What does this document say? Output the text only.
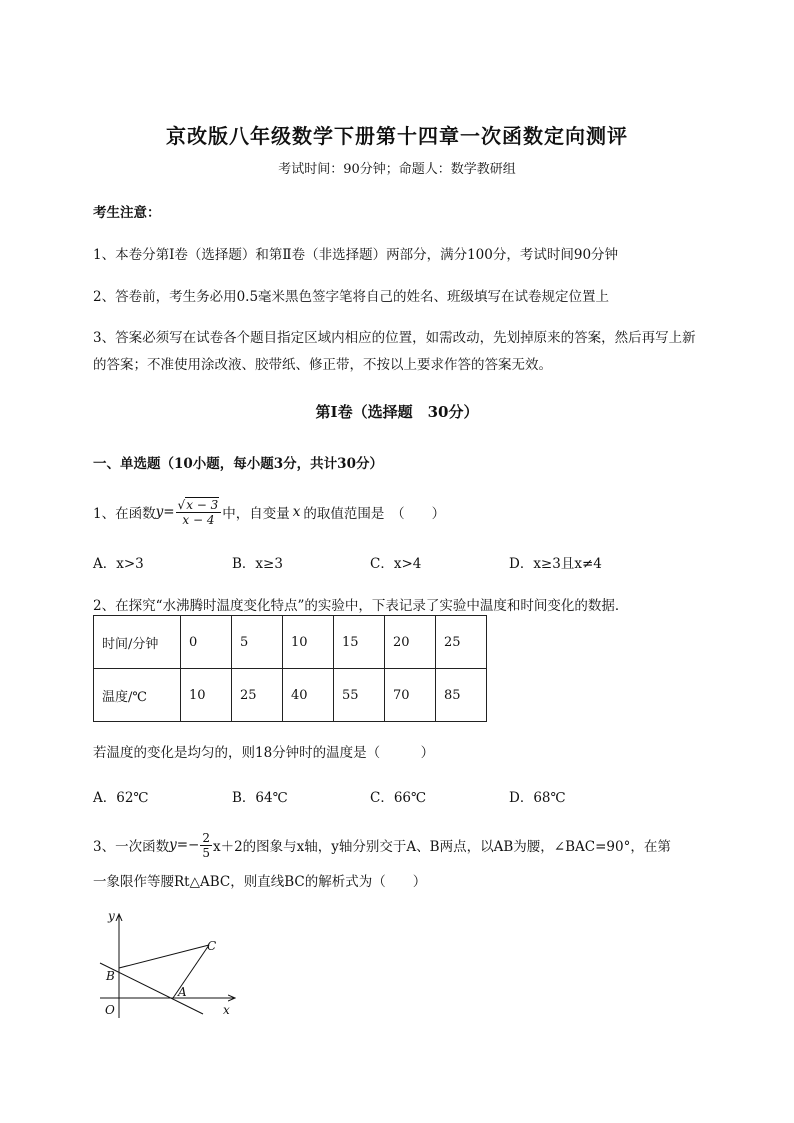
京改版八年级数学下册第十四章一次函数定向测评
考试时间：90分钟；命题人：数学教研组
考生注意：
1、本卷分第Ⅰ卷（选择题）和第Ⅱ卷（非选择题）两部分，满分100分，考试时间90分钟
2、答卷前，考生务必用0.5毫米黑色签字笔将自己的姓名、班级填写在试卷规定位置上
3、答案必须写在试卷各个题目指定区域内相应的位置，如需改动，先划掉原来的答案，然后再写上新
的答案；不准使用涂改液、胶带纸、修正带，不按以上要求作答的答案无效。
第Ⅰ卷（选择题　30分）
一、单选题（10小题，每小题3分，共计30分）
1、在函数 $y= \frac{√x - 3}{x - 4}$ 中，自变量 x 的取值范围是　（　　）
A．x>3	B．x≥3	C．x>4	D．x≥3且x≠4
2、在探究“水沸腾时温度变化特点”的实验中，下表记录了实验中温度和时间变化的数据．
时间/分钟	0	5	10	15	20	25
温度/℃	10	25	40	55	70	85
若温度的变化是均匀的，则18分钟时的温度是（　　　）
A．62℃	B．64℃	C．66℃	D．68℃
3、一次函数 $y=- \frac{2}{5} x+2$的图象与x轴，y轴分别交于A、B两点，以AB为腰，∠BAC=90°，在第
一象限作等腰Rt△ABC，则直线BC的解析式为（　　）
y
x
O
B
A
C
